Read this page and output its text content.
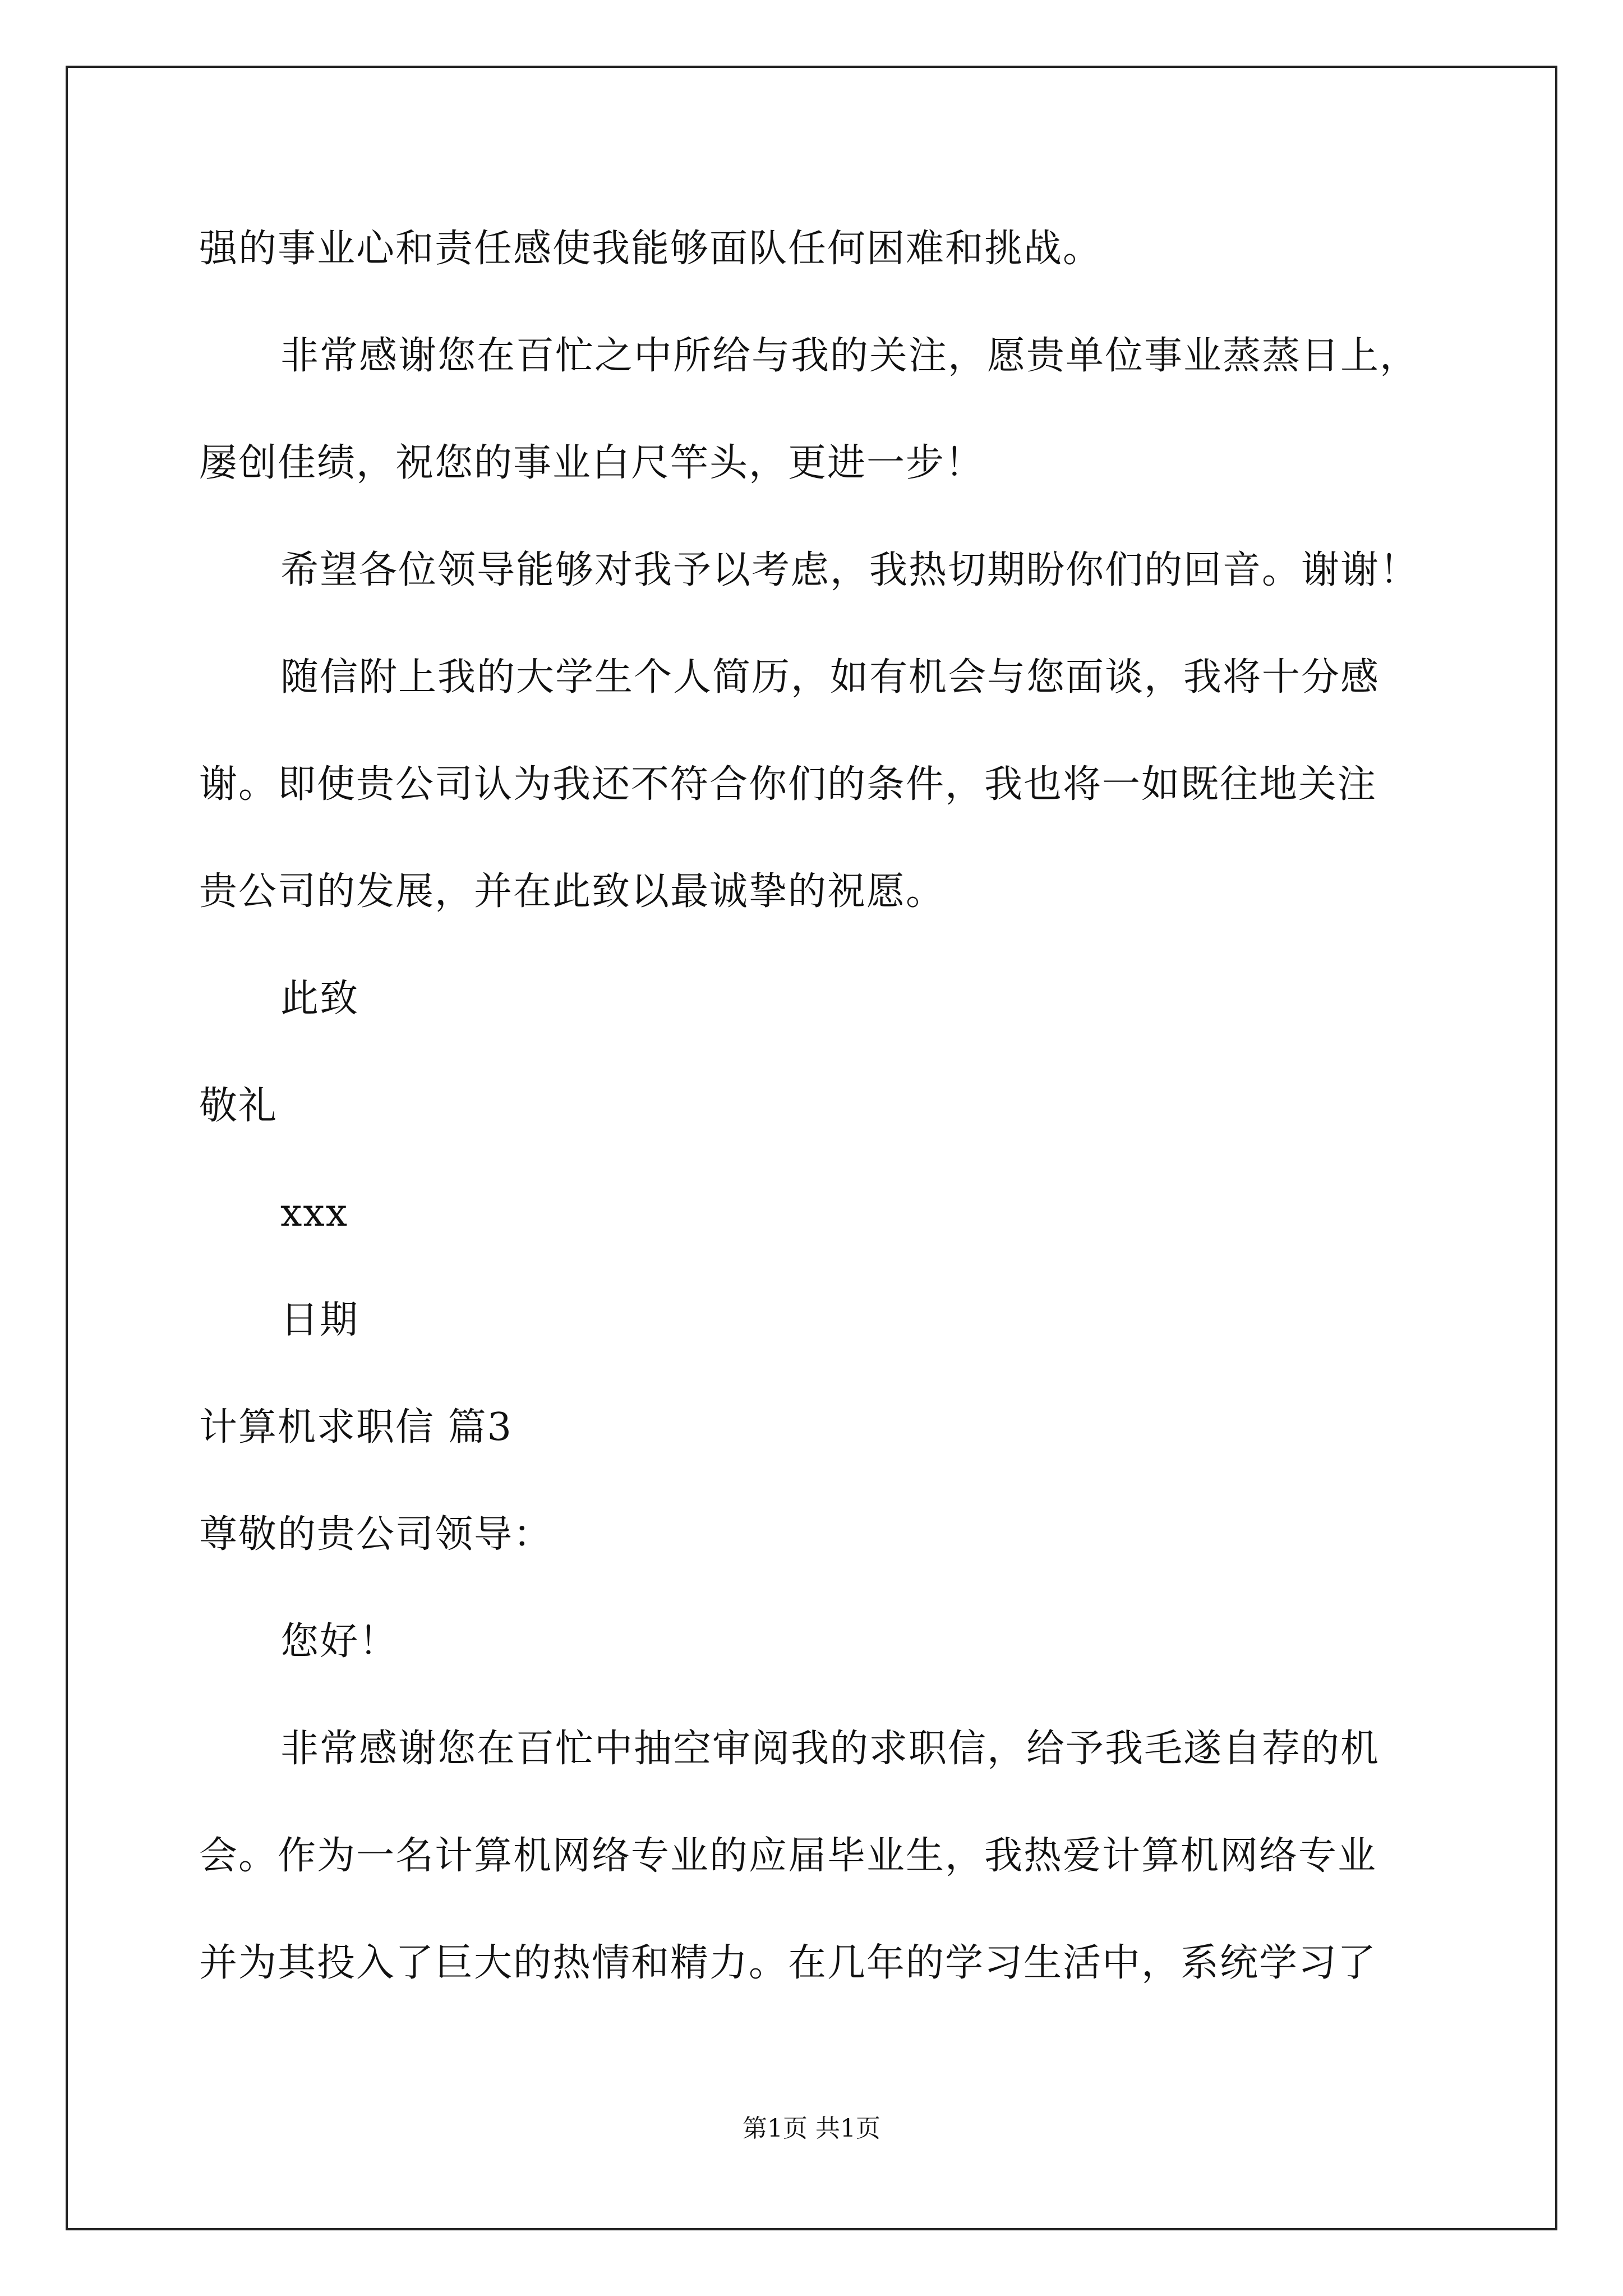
强的事业心和责任感使我能够面队任何困难和挑战。
非常感谢您在百忙之中所给与我的关注，愿贵单位事业蒸蒸日上，
屡创佳绩，祝您的事业白尺竿头，更进一步！
希望各位领导能够对我予以考虑，我热切期盼你们的回音。谢谢！
随信附上我的大学生个人简历，如有机会与您面谈，我将十分感
谢。即使贵公司认为我还不符合你们的条件，我也将一如既往地关注
贵公司的发展，并在此致以最诚挚的祝愿。
此致
敬礼
xxx
日期
计算机求职信 篇3
尊敬的贵公司领导：
您好！
非常感谢您在百忙中抽空审阅我的求职信，给予我毛遂自荐的机
会。作为一名计算机网络专业的应届毕业生，我热爱计算机网络专业
并为其投入了巨大的热情和精力。在几年的学习生活中，系统学习了
第1页 共1页
